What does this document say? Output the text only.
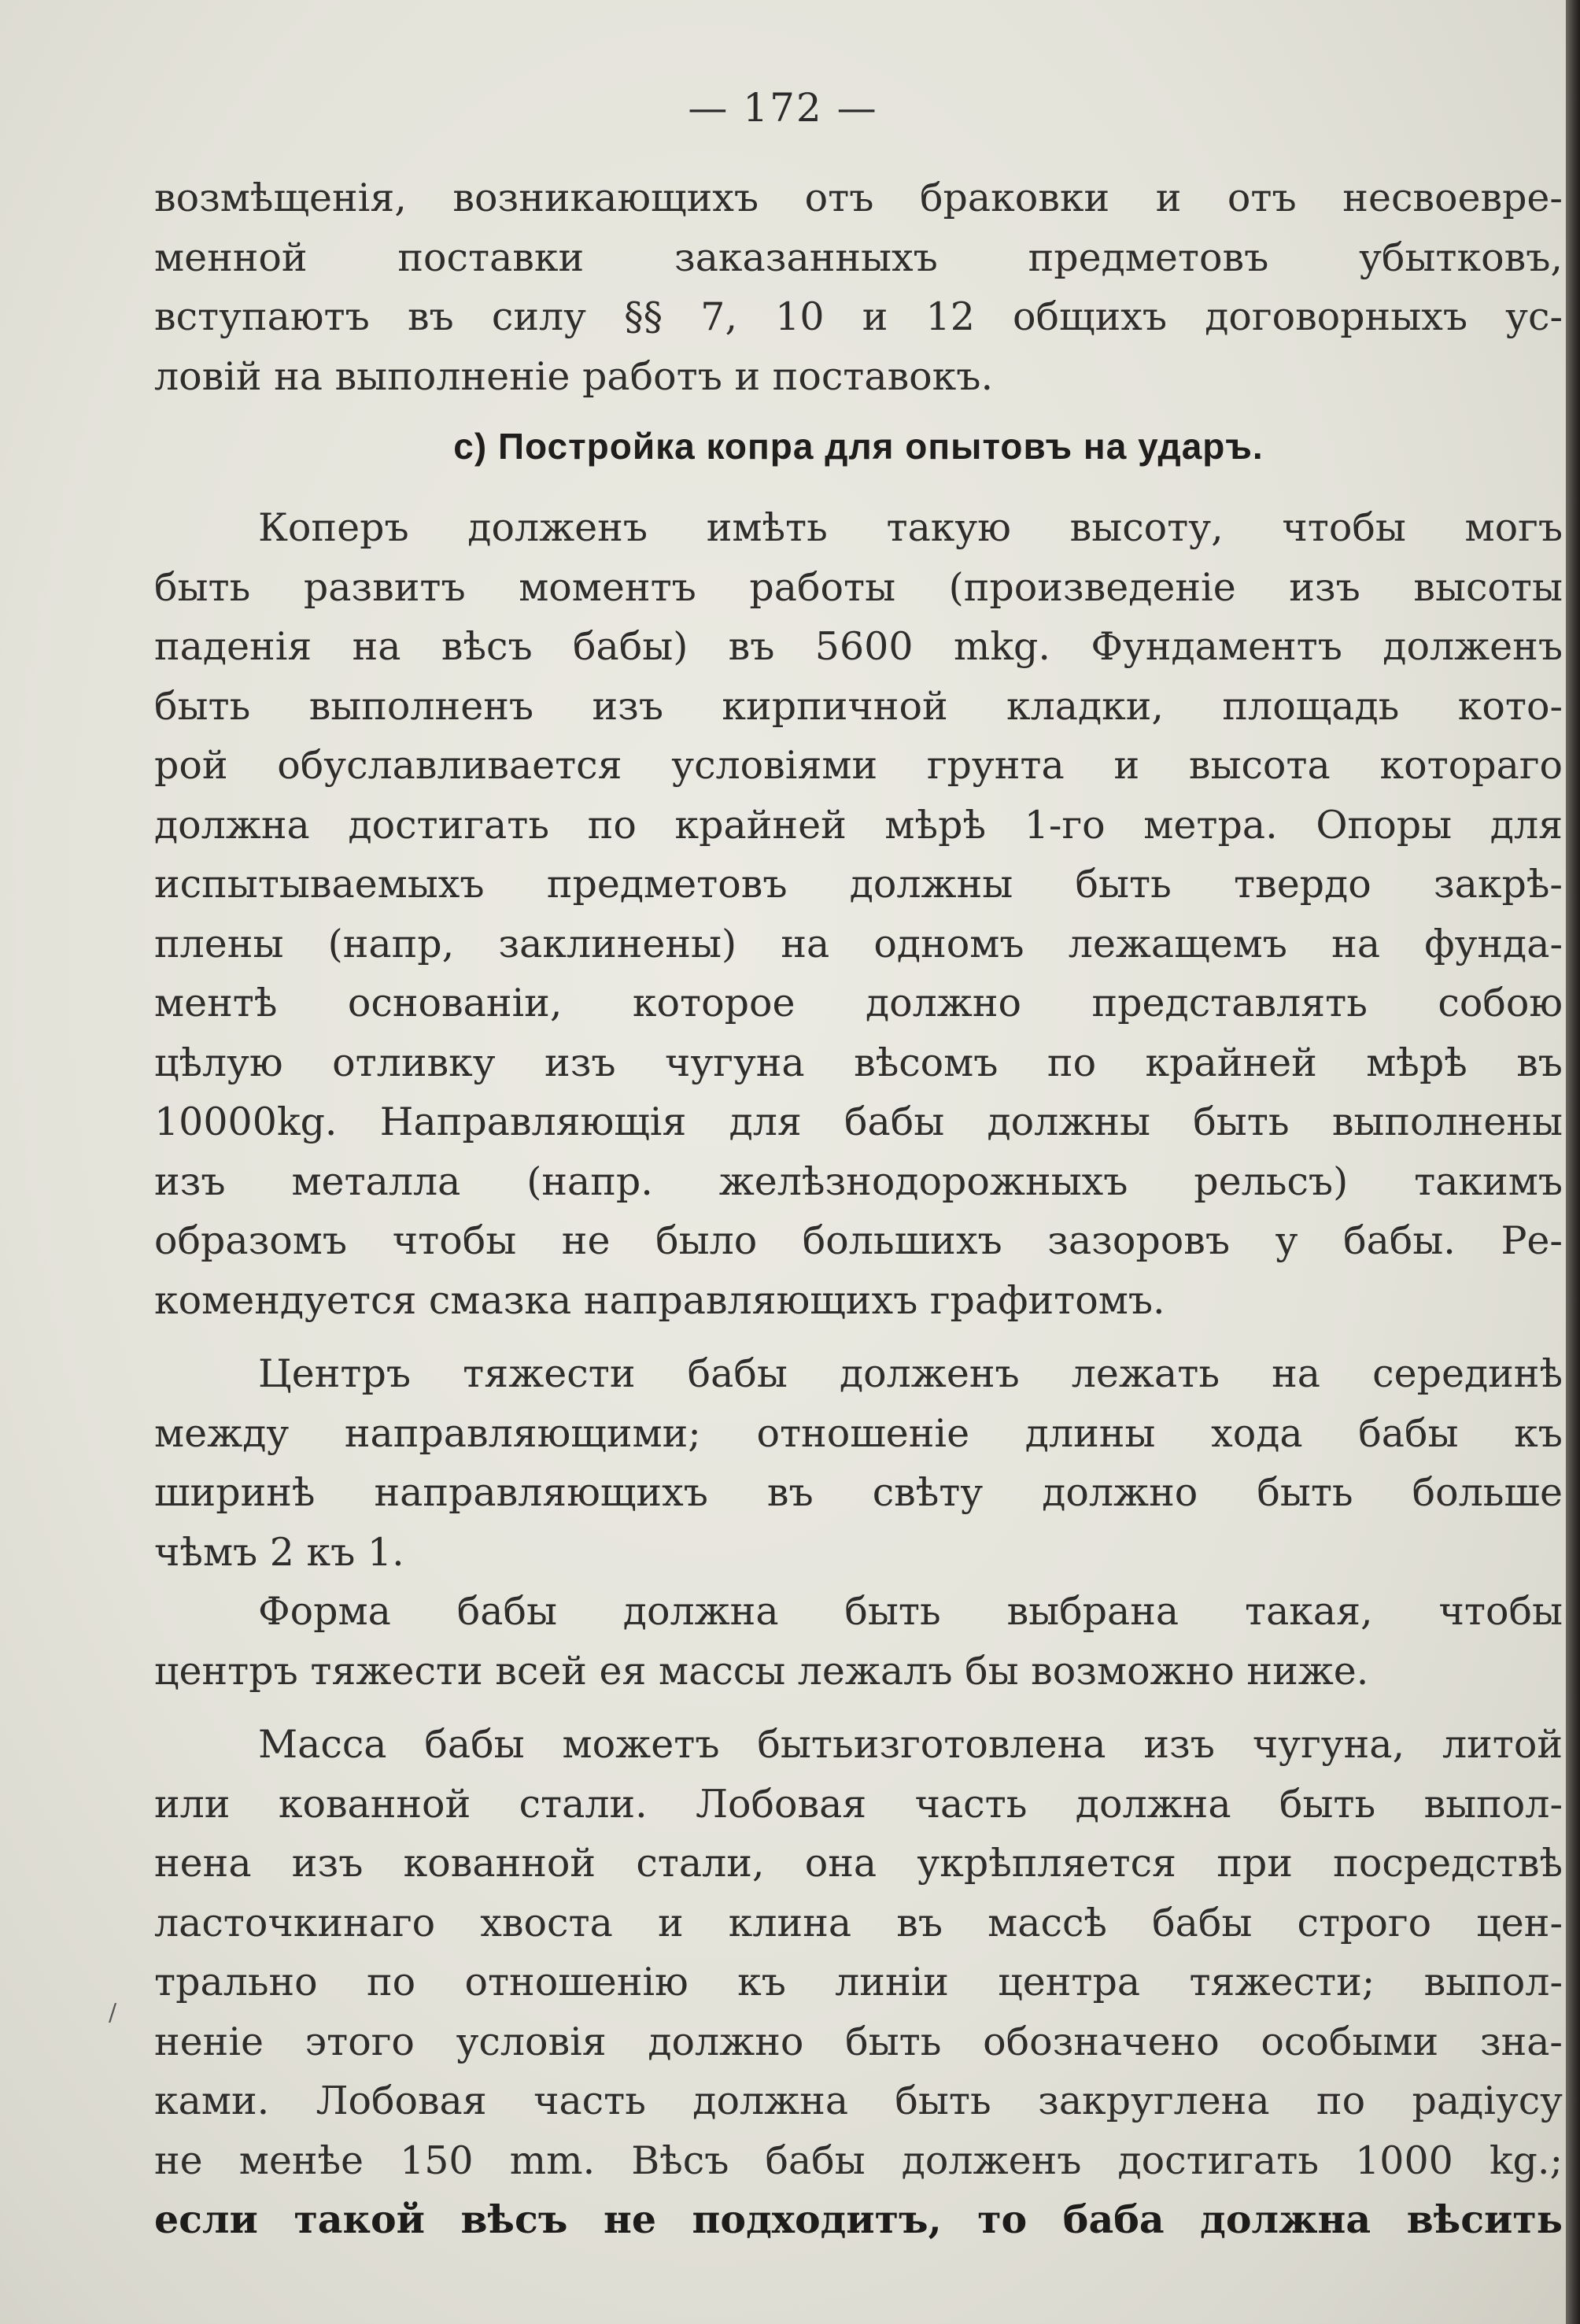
— 172 —
возмѣщенія, возникающихъ отъ браковки и отъ несвоевре-
менной поставки заказанныхъ предметовъ убытковъ,
вступаютъ въ силу §§ 7, 10 и 12 общихъ договорныхъ ус-
ловій на выполненіе работъ и поставокъ.
c) Постройка копра для опытовъ на ударъ.
Коперъ долженъ имѣть такую высоту, чтобы могъ
быть развитъ моментъ работы (произведеніе изъ высоты
паденія на вѣсъ бабы) въ 5600 mkg. Фундаментъ долженъ
быть выполненъ изъ кирпичной кладки, площадь кото-
рой обуславливается условіями грунта и высота котораго
должна достигать по крайней мѣрѣ 1-го метра. Опоры для
испытываемыхъ предметовъ должны быть твердо закрѣ-
плены (напр, заклинены) на одномъ лежащемъ на фунда-
ментѣ основаніи, которое должно представлять собою
цѣлую отливку изъ чугуна вѣсомъ по крайней мѣрѣ въ
10000kg. Направляющія для бабы должны быть выполнены
изъ металла (напр. желѣзнодорожныхъ рельсъ) такимъ
образомъ чтобы не было большихъ зазоровъ у бабы. Ре-
комендуется смазка направляющихъ графитомъ.
Центръ тяжести бабы долженъ лежать на серединѣ
между направляющими; отношеніе длины хода бабы къ
ширинѣ направляющихъ въ свѣту должно быть больше
чѣмъ 2 къ 1.
Форма бабы должна быть выбрана такая, чтобы
центръ тяжести всей ея массы лежалъ бы возможно ниже.
Масса бабы можетъ бытьизготовлена изъ чугуна, литой
или кованной стали. Лобовая часть должна быть выпол-
нена изъ кованной стали, она укрѣпляется при посредствѣ
ласточкинаго хвоста и клина въ массѣ бабы строго цен-
трально по отношенію къ линіи центра тяжести; выпол-
неніе этого условія должно быть обозначено особыми зна-
ками. Лобовая часть должна быть закруглена по радіусу
не менѣе 150 mm. Вѣсъ бабы долженъ достигать 1000 kg.;
если такой вѣсъ не подходитъ, то баба должна вѣсить
/
